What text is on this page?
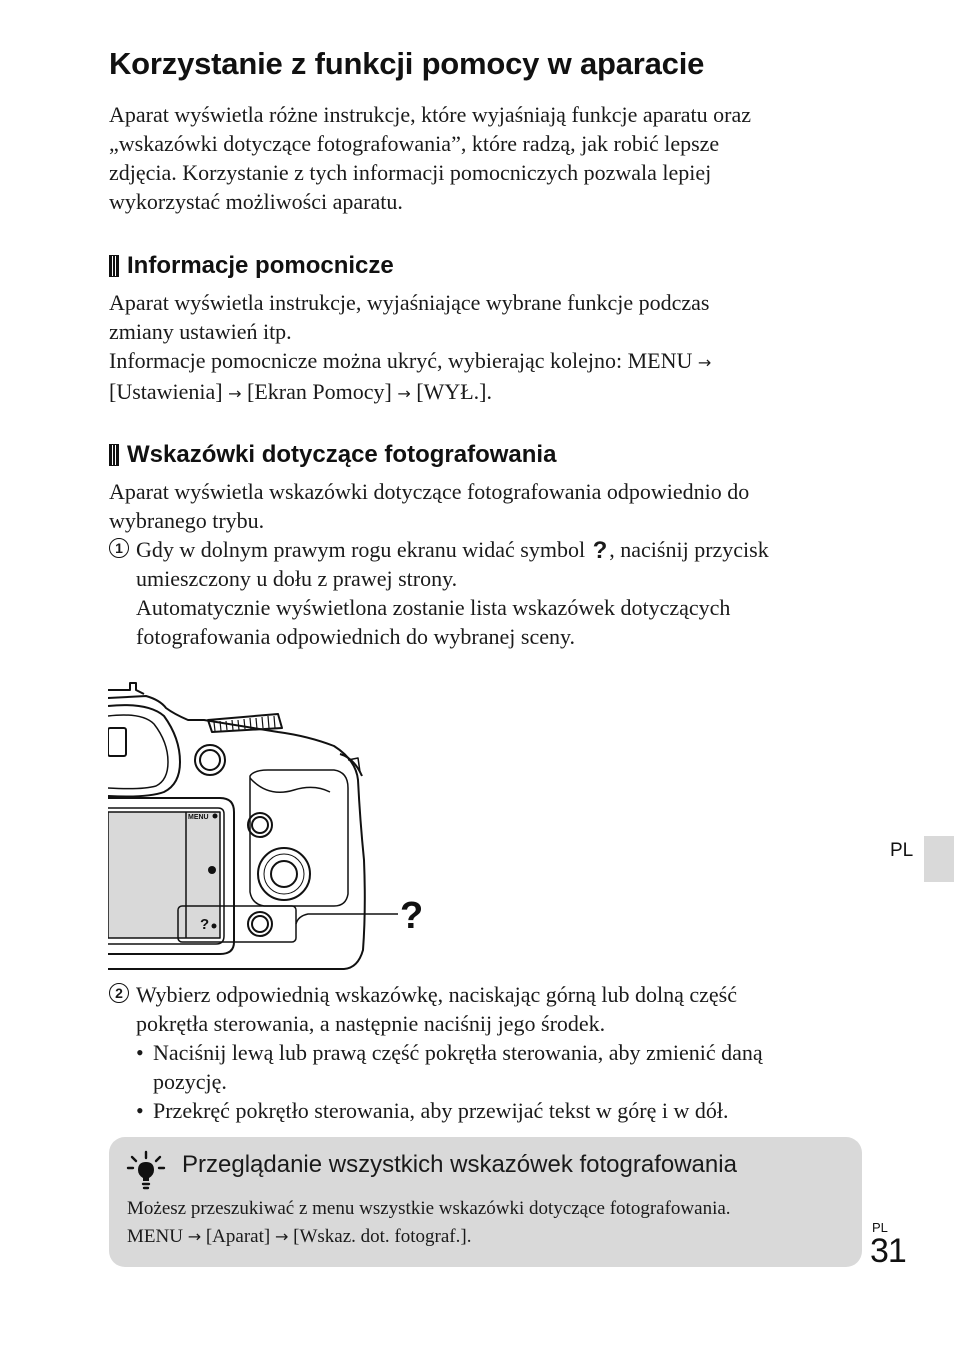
Korzystanie z funkcji pomocy w aparacie
Aparat wyświetla różne instrukcje, które wyjaśniają funkcje aparatu oraz
„wskazówki dotyczące fotografowania”, które radzą, jak robić lepsze
zdjęcia. Korzystanie z tych informacji pomocniczych pozwala lepiej
wykorzystać możliwości aparatu.
Informacje pomocnicze
Aparat wyświetla instrukcje, wyjaśniające wybrane funkcje podczas
zmiany ustawień itp.
Informacje pomocnicze można ukryć, wybierając kolejno: MENU →
[Ustawienia] → [Ekran Pomocy] → [WYŁ.].
Wskazówki dotyczące fotografowania
Aparat wyświetla wskazówki dotyczące fotografowania odpowiednio do
wybranego trybu.
1 Gdy w dolnym prawym rogu ekranu widać symbol ?, naciśnij przycisk
umieszczony u dołu z prawej strony.
Automatycznie wyświetlona zostanie lista wskazówek dotyczących
fotografowania odpowiednich do wybranej sceny.
MENU
?	?
2 Wybierz odpowiednią wskazówkę, naciskając górną lub dolną część
pokrętła sterowania, a następnie naciśnij jego środek.
• Naciśnij lewą lub prawą część pokrętła sterowania, aby zmienić daną
pozycję.
• Przekręć pokrętło sterowania, aby przewijać tekst w górę i w dół.
PL
Przeglądanie wszystkich wskazówek fotografowania
Możesz przeszukiwać z menu wszystkie wskazówki dotyczące fotografowania.
MENU → [Aparat] → [Wskaz. dot. fotograf.].	PL
31
